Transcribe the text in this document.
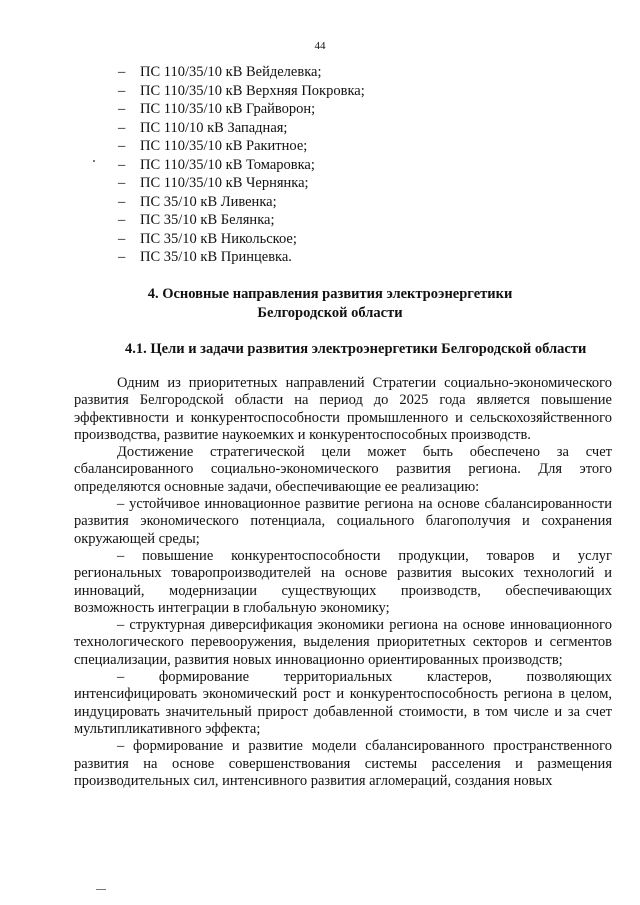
44
– ПС 110/35/10 кВ Вейделевка;
– ПС 110/35/10 кВ Верхняя Покровка;
– ПС 110/35/10 кВ Грайворон;
– ПС 110/10 кВ Западная;
– ПС 110/35/10 кВ Ракитное;
– ПС 110/35/10 кВ Томаровка;
– ПС 110/35/10 кВ Чернянка;
– ПС 35/10 кВ Ливенка;
– ПС 35/10 кВ Белянка;
– ПС 35/10 кВ Никольское;
– ПС 35/10 кВ Принцевка.
4. Основные направления развития электроэнергетики
Белгородской области
4.1. Цели и задачи развития электроэнергетики Белгородской области

Одним из приоритетных направлений Стратегии социально-экономического развития Белгородской области на период до 2025 года является повышение эффективности и конкурентоспособности промышленного и сельскохозяйственного производства, развитие наукоемких и конкурентоспособных производств.

Достижение стратегической цели может быть обеспечено за счет сбалансированного социально-экономического развития региона. Для этого определяются основные задачи, обеспечивающие ее реализацию:

– устойчивое инновационное развитие региона на основе сбалансированности развития экономического потенциала, социального благополучия и сохранения окружающей среды;

– повышение конкурентоспособности продукции, товаров и услуг региональных товаропроизводителей на основе развития высоких технологий и инноваций, модернизации существующих производств, обеспечивающих возможность интеграции в глобальную экономику;

– структурная диверсификация экономики региона на основе инновационного технологического перевооружения, выделения приоритетных секторов и сегментов специализации, развития новых инновационно ориентированных производств;

– формирование территориальных кластеров, позволяющих интенсифицировать экономический рост и конкурентоспособность региона в целом, индуцировать значительный прирост добавленной стоимости, в том числе и за счет мультипликативного эффекта;

– формирование и развитие модели сбалансированного пространственного развития на основе совершенствования системы расселения и размещения производительных сил, интенсивного развития агломераций, создания новых
